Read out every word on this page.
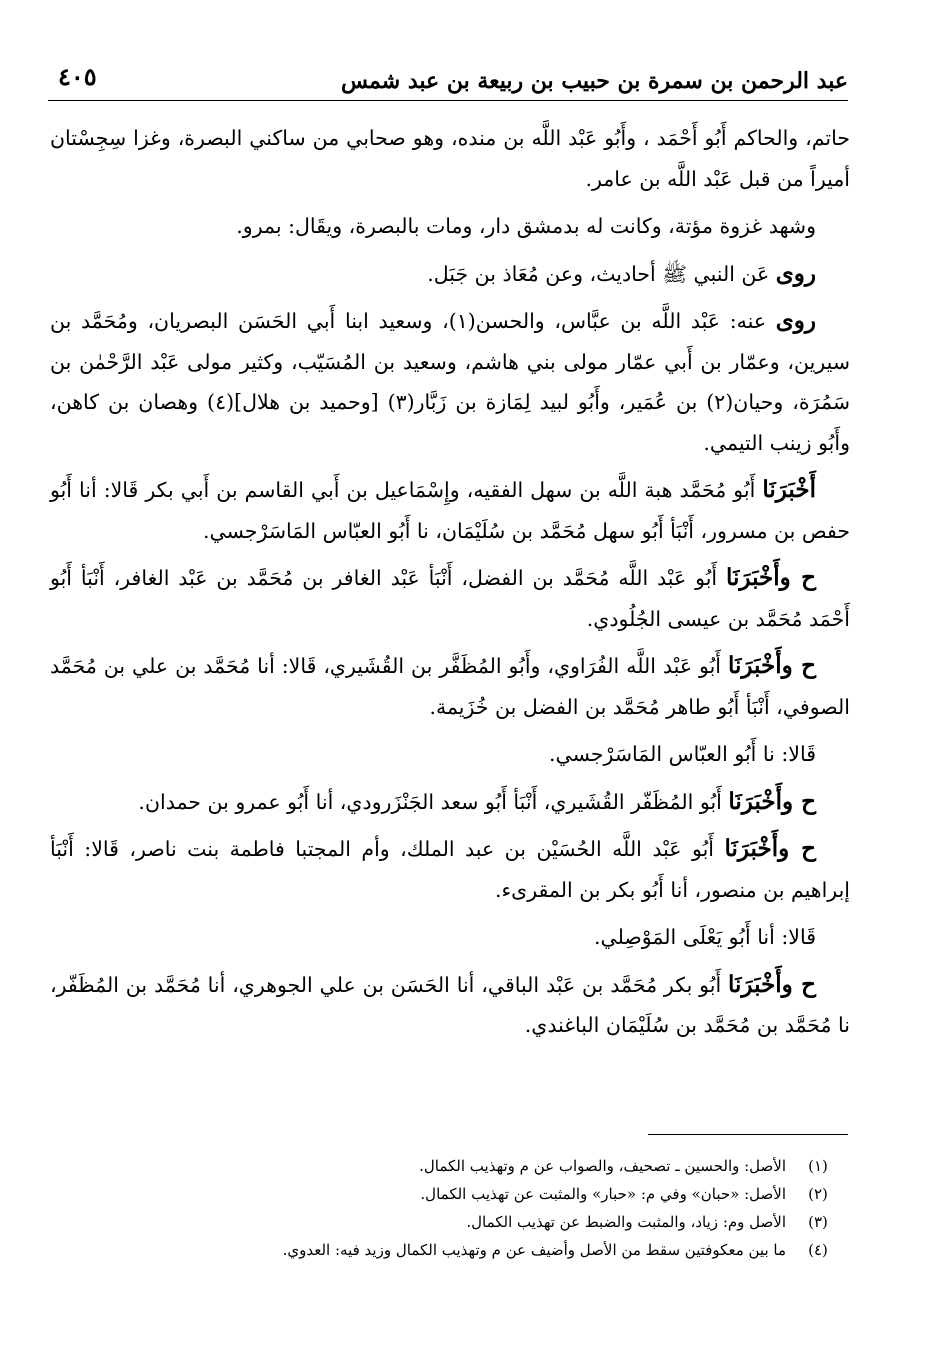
عبد الرحمن بن سمرة بن حبيب بن ربيعة بن عبد شمس
٤٠٥

حاتم، والحاكم أَبُو أَحْمَد ، وأَبُو عَبْد اللَّه بن منده، وهو صحابي من ساكني البصرة، وغزا سِجِسْتان أميراً من قبل عَبْد اللَّه بن عامر.

وشهد غزوة مؤتة، وكانت له بدمشق دار، ومات بالبصرة، ويقَال: بمرو.

روى عَن النبي ﷺ أحاديث، وعن مُعَاذ بن جَبَل.

روى عنه: عَبْد اللَّه بن عبَّاس، والحسن(١)، وسعيد ابنا أَبي الحَسَن البصريان، ومُحَمَّد بن سيرين، وعمّار بن أَبي عمّار مولى بني هاشم، وسعيد بن المُسَيّب، وكثير مولى عَبْد الرَّحْمٰن بن سَمُرَة، وحيان(٢) بن عُمَير، وأَبُو لبيد لِمَازة بن زَبَّار(٣) [وحميد بن هلال](٤) وهصان بن كاهن، وأَبُو زينب التيمي.

أَخْبَرَنَا أَبُو مُحَمَّد هبة اللَّه بن سهل الفقيه، وإِسْمَاعيل بن أَبي القاسم بن أَبي بكر قَالا: أنا أَبُو حفص بن مسرور، أَنْبَأ أَبُو سهل مُحَمَّد بن سُلَيْمَان، نا أَبُو العبّاس المَاسَرْجسي.

ح وأَخْبَرَنَا أَبُو عَبْد اللَّه مُحَمَّد بن الفضل، أَنْبَأ عَبْد الغافر بن مُحَمَّد بن عَبْد الغافر، أَنْبَأ أَبُو أَحْمَد مُحَمَّد بن عيسى الجُلُودي.

ح وأَخْبَرَنَا أَبُو عَبْد اللَّه الفُرَاوي، وأَبُو المُظَفَّر بن القُشَيري، قَالا: أنا مُحَمَّد بن علي بن مُحَمَّد الصوفي، أَنْبَأ أَبُو طاهر مُحَمَّد بن الفضل بن خُزَيمة.

قَالا: نا أَبُو العبّاس المَاسَرْجسي.

ح وأَخْبَرَنَا أَبُو المُظَفّر القُشَيري، أَنْبَأ أَبُو سعد الجَنْزَرودي، أنا أَبُو عمرو بن حمدان.

ح وأَخْبَرَنَا أَبُو عَبْد اللَّه الحُسَيْن بن عبد الملك، وأم المجتبا فاطمة بنت ناصر، قَالا: أَنْبَأ إبراهيم بن منصور، أنا أَبُو بكر بن المقرىء.

قَالا: أنا أَبُو يَعْلَى المَوْصِلي.

ح وأَخْبَرَنَا أَبُو بكر مُحَمَّد بن عَبْد الباقي، أنا الحَسَن بن علي الجوهري، أنا مُحَمَّد بن المُظَفّر، نا مُحَمَّد بن مُحَمَّد بن سُلَيْمَان الباغندي.

(١)
الأصل: والحسين ـ تصحيف، والصواب عن م وتهذيب الكمال.
(٢)
الأصل: «حبان» وفي م: «حبار» والمثبت عن تهذيب الكمال.
(٣)
الأصل وم: زياد، والمثبت والضبط عن تهذيب الكمال.
(٤)
ما بين معكوفتين سقط من الأصل وأضيف عن م وتهذيب الكمال وزيد فيه: العدوي.
